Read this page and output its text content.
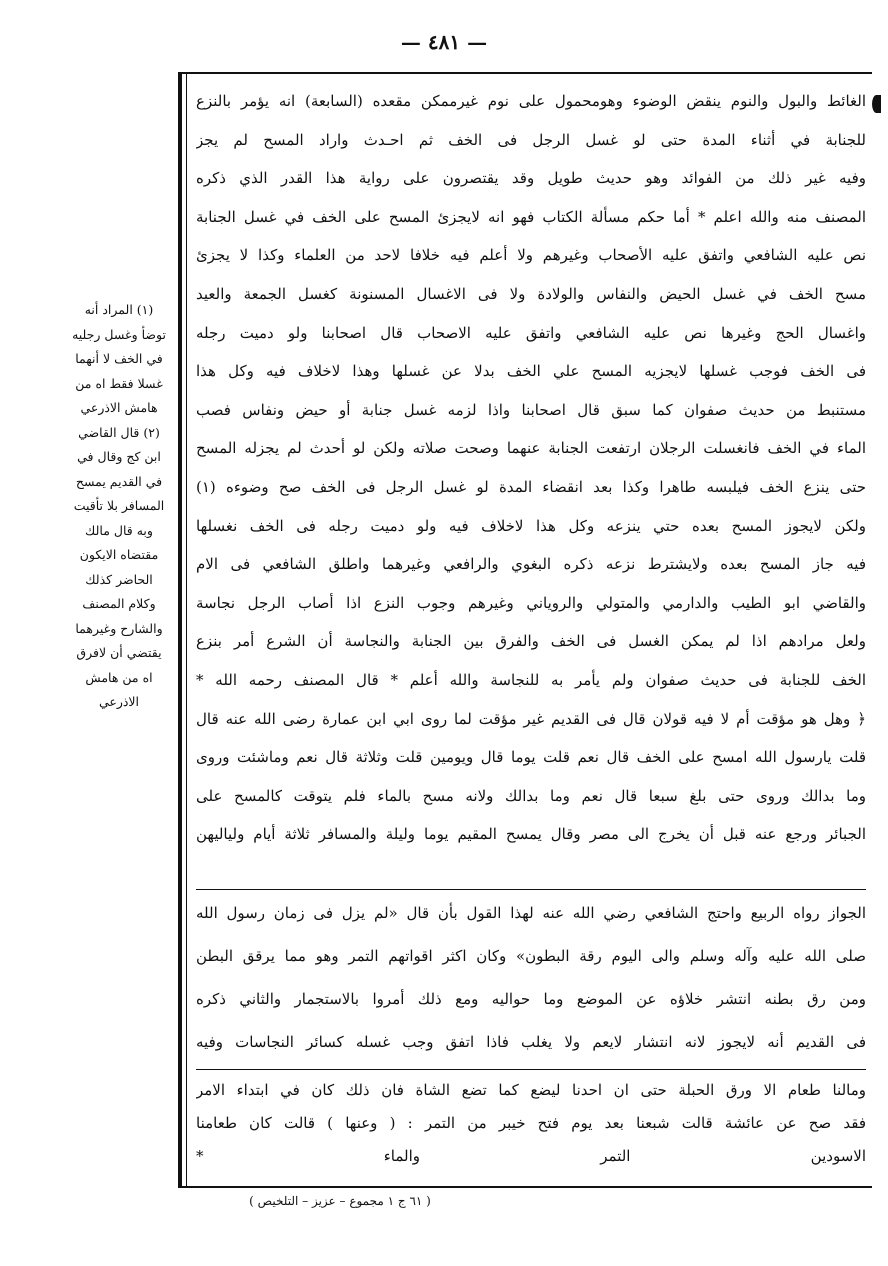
— ٤٨١ —

(١) المراد أنه

توضأ وغسل رجليه

في الخف لا أنهما

غسلا فقط اه من

هامش الاذرعي

(٢) قال القاضي

ابن كج وقال في

في القديم يمسح

المسافر بلا تأقيت

وبه قال مالك

مقتضاه الايكون

الحاضر كذلك

وكلام المصنف

والشارح وغيرهما

يقتضي أن لافرق

اه من هامش

الاذرعي

الغائط والبول والنوم ينقض الوضوء وهومحمول على نوم غيرممكن مقعده (السابعة) انه يؤمر بالنزع

للجنابة في أثناء المدة حتى لو غسل الرجل فى الخف ثم احـدث واراد المسح لم يجز

وفيه غير ذلك من الفوائد وهو حديث طويل وقد يقتصرون على رواية هذا القدر الذي ذكره

المصنف منه والله اعلم * أما حكم مسألة الكتاب فهو انه لايجزئ المسح على الخف في غسل الجنابة

نص عليه الشافعي واتفق عليه الأصحاب وغيرهم ولا أعلم فيه خلافا لاحد من العلماء وكذا لا يجزئ

مسح الخف في غسل الحيض والنفاس والولادة ولا فى الاغسال المسنونة كغسل الجمعة والعيد

واغسال الحج وغيرها نص عليه الشافعي واتفق عليه الاصحاب قال اصحابنا ولو دميت رجله

فى الخف فوجب غسلها لايجزيه المسح علي الخف بدلا عن غسلها وهذا لاخلاف فيه وكل هذا

مستنبط من حديث صفوان كما سبق قال اصحابنا واذا لزمه غسل جنابة أو حيض ونفاس فصب

الماء في الخف فانغسلت الرجلان ارتفعت الجنابة عنهما وصحت صلاته ولكن لو أحدث لم يجزله المسح

حتى ينزع الخف فيلبسه طاهرا وكذا بعد انقضاء المدة لو غسل الرجل فى الخف صح وضوءه (١)

ولكن لايجوز المسح بعده حتي ينزعه وكل هذا لاخلاف فيه ولو دميت رجله فى الخف نغسلها

فيه جاز المسح بعده ولايشترط نزعه ذكره البغوي والرافعي وغيرهما واطلق الشافعي فى الام

والقاضي ابو الطيب والدارمي والمتولي والروياني وغيرهم وجوب النزع اذا أصاب الرجل نجاسة

ولعل مرادهم اذا لم يمكن الغسل فى الخف والفرق بين الجنابة والنجاسة أن الشرع أمر بنزع

الخف للجنابة فى حديث صفوان ولم يأمر به للنجاسة والله أعلم * قال المصنف رحمه الله *

﴿ وهل هو مؤقت أم لا فيه قولان قال فى القديم غير مؤقت لما روى ابي ابن عمارة رضى الله عنه قال

قلت يارسول الله امسح على الخف قال نعم قلت يوما قال ويومين قلت وثلاثة قال نعم وماشئت وروى

وما بدالك وروى حتى بلغ سبعا قال نعم وما بدالك ولانه مسح بالماء فلم يتوقت كالمسح على

الجبائر ورجع عنه قبل أن يخرج الى مصر وقال يمسح المقيم يوما وليلة والمسافر ثلاثة أيام ولياليهن

الجواز رواه الربيع واحتج الشافعي رضي الله عنه لهذا القول بأن قال «لم يزل فى زمان رسول الله

صلى الله عليه وآله وسلم والى اليوم رقة البطون» وكان اكثر اقواتهم التمر وهو مما يرقق البطن

ومن رق بطنه انتشر خلاؤه عن الموضع وما حواليه ومع ذلك أمروا بالاستجمار والثاني ذكره

فى القديم أنه لايجوز لانه انتشار لايعم ولا يغلب فاذا اتفق وجب غسله كسائر النجاسات وفيه

ومالنا طعام الا ورق الحبلة حتى ان احدنا ليضع كما تضع الشاة فان ذلك كان في ابتداء الامر

فقد صح عن عائشة قالت شبعنا بعد يوم فتح خيبر من التمر : ( وعنها ) قالت كان طعامنا

الاسودين التمر والماء *

( ٦١ ج ١ مجموع – عزيز – التلخيص )
